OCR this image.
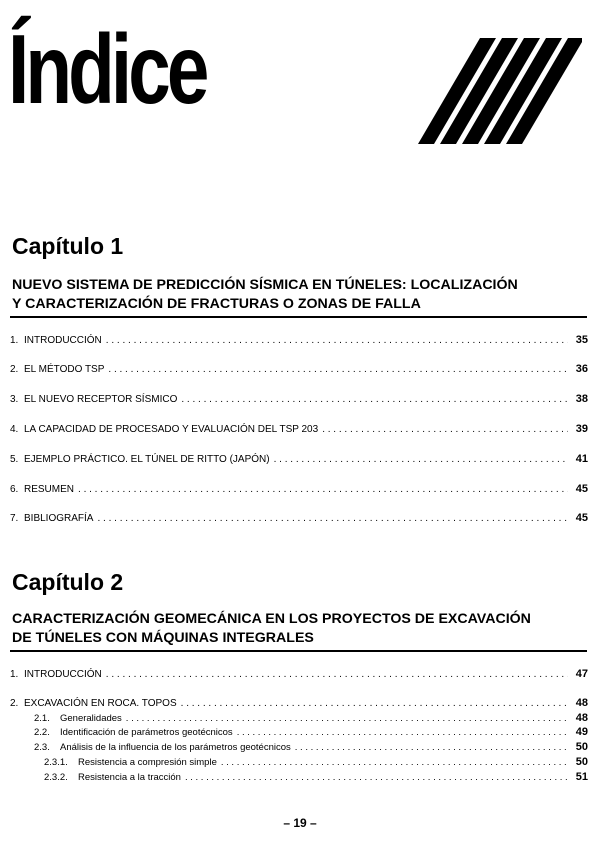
Índice
Capítulo 1
NUEVO SISTEMA DE PREDICCIÓN SÍSMICA EN TÚNELES: LOCALIZACIÓN
Y CARACTERIZACIÓN DE FRACTURAS O ZONAS DE FALLA
1. INTRODUCCIÓN . . .	35
2. EL MÉTODO TSP . . .	36
3. EL NUEVO RECEPTOR SÍSMICO . . .	38
4. LA CAPACIDAD DE PROCESADO Y EVALUACIÓN DEL TSP 203 . . .	39
5. EJEMPLO PRÁCTICO. EL TÚNEL DE RITTO (JAPÓN) . . .	41
6. RESUMEN . . .	45
7. BIBLIOGRAFÍA . . .	45
Capítulo 2
CARACTERIZACIÓN GEOMECÁNICA EN LOS PROYECTOS DE EXCAVACIÓN
DE TÚNELES CON MÁQUINAS INTEGRALES
1. INTRODUCCIÓN . . .	47
2. EXCAVACIÓN EN ROCA. TOPOS . . .	48
2.1.	Generalidades . . .	48
2.2.	Identificación de parámetros geotécnicos . . .	49
2.3.	Análisis de la influencia de los parámetros geotécnicos . . .	50
2.3.1.	Resistencia a compresión simple . . .	50
2.3.2.	Resistencia a la tracción . . .	51
– 19 –
